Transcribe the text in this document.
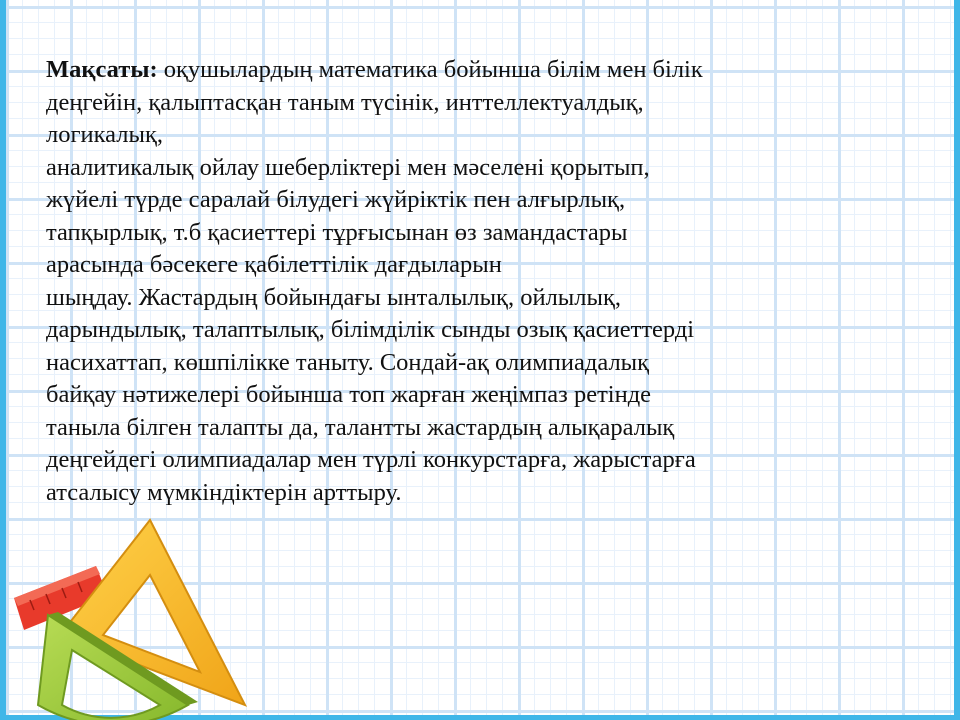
Мақсаты: оқушылардың математика бойынша білім мен білік
деңгейін, қалыптасқан таным түсінік, инттеллектуалдық,
логикалық,
аналитикалық ойлау шеберліктері мен мәселені қорытып,
жүйелі түрде саралай білудегі жүйріктік пен алғырлық,
тапқырлық, т.б қасиеттері тұрғысынан өз замандастары
арасында бәсекеге қабілеттілік дағдыларын
шыңдау. Жастардың бойындағы ынталылық, ойлылық,
дарындылық, талаптылық, білімділік сынды озық қасиеттерді
насихаттап, көшпілікке таныту. Сондай-ақ олимпиадалық
байқау нәтижелері бойынша топ жарған жеңімпаз ретінде
таныла білген талапты да, талантты жастардың алықаралық
деңгейдегі олимпиадалар мен түрлі конкурстарға, жарыстарға
атсалысу мүмкіндіктерін арттыру.
